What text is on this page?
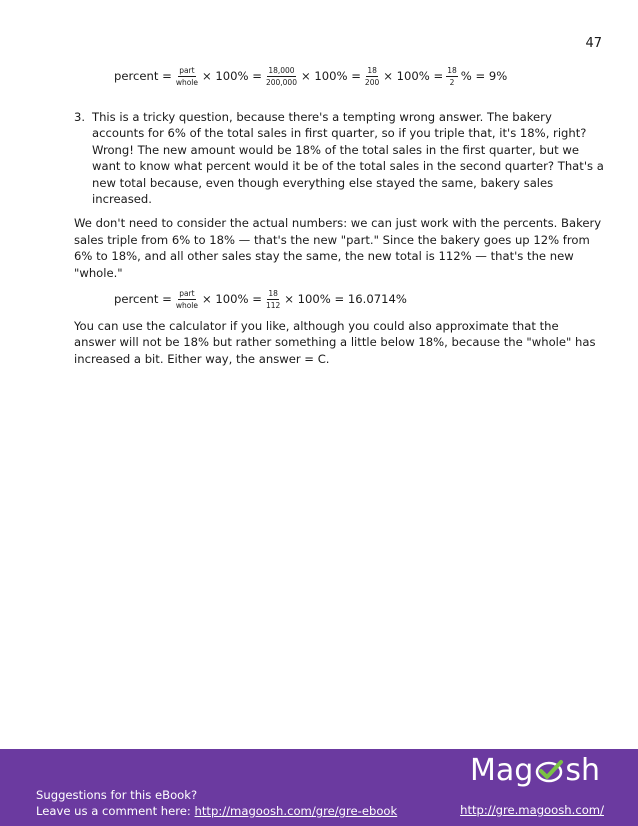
47
percent = $\frac{\text{part}}{\text{whole}} \times 100\% = \frac{18,000}{200,000} \times 100\% = \frac{18}{200} \times 100\% = \frac{18}{2}$ % = 9%
3. This is a tricky question, because there's a tempting wrong answer. The bakery accounts for 6% of the total sales in first quarter, so if you triple that, it's 18%, right? Wrong! The new amount would be 18% of the total sales in the first quarter, but we want to know what percent would it be of the total sales in the second quarter? That's a new total because, even though everything else stayed the same, bakery sales increased.
We don't need to consider the actual numbers: we can just work with the percents. Bakery sales triple from 6% to 18% — that's the new "part." Since the bakery goes up 12% from 6% to 18%, and all other sales stay the same, the new total is 112% — that's the new "whole."
percent = $\frac{\text{part}}{\text{whole}} \times 100\% = \frac{18}{112} \times 100\% = 16.0714\%$
You can use the calculator if you like, although you could also approximate that the answer will not be 18% but rather something a little below 18%, because the "whole" has increased a bit. Either way, the answer = C.
Mag sh
Suggestions for this eBook?
Leave us a comment here: http://magoosh.com/gre/gre-ebook	http://gre.magoosh.com/
